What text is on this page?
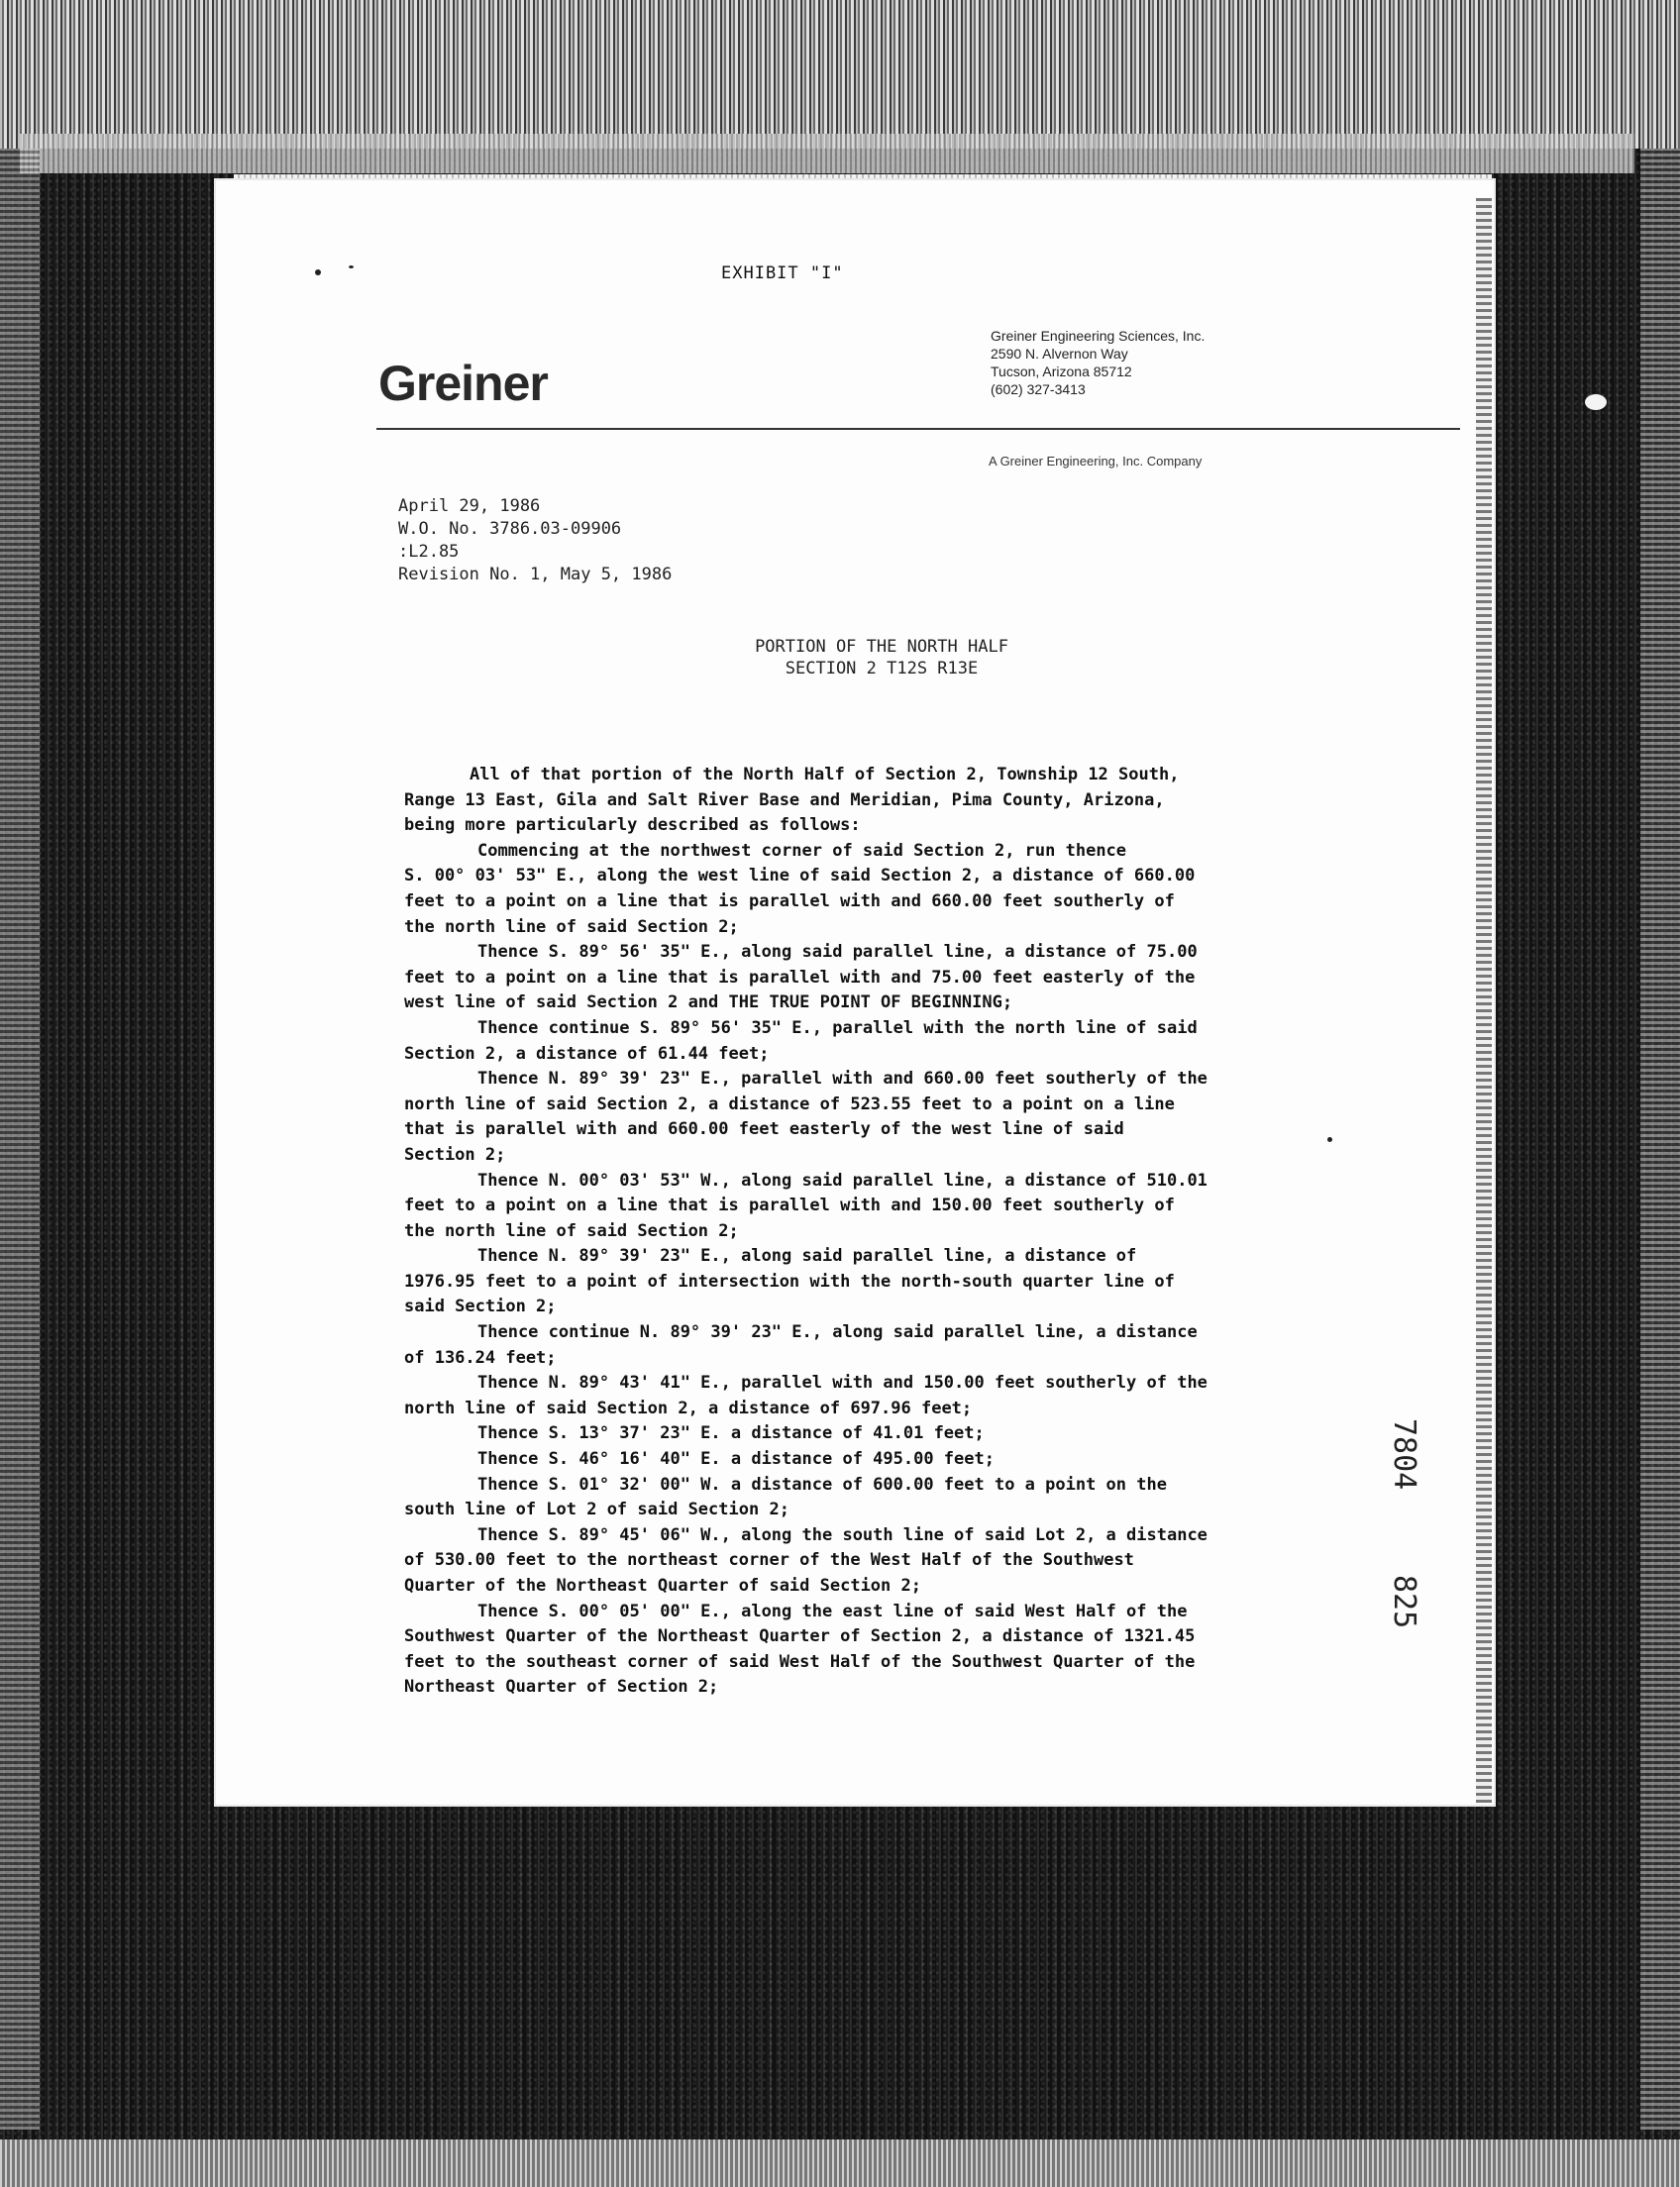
EXHIBIT "I"
Greiner
Greiner Engineering Sciences, Inc.
2590 N. Alvernon Way
Tucson, Arizona 85712
(602) 327-3413
A Greiner Engineering, Inc. Company
April 29, 1986
W.O. No. 3786.03-09906
:L2.85
Revision No. 1, May 5, 1986
PORTION OF THE NORTH HALF
SECTION 2 T12S R13E
All of that portion of the North Half of Section 2, Township 12 South,
Range 13 East, Gila and Salt River Base and Meridian, Pima County, Arizona,
being more particularly described as follows:
Commencing at the northwest corner of said Section 2, run thence
S. 00° 03' 53" E., along the west line of said Section 2, a distance of 660.00
feet to a point on a line that is parallel with and 660.00 feet southerly of
the north line of said Section 2;
Thence S. 89° 56' 35" E., along said parallel line, a distance of 75.00
feet to a point on a line that is parallel with and 75.00 feet easterly of the
west line of said Section 2 and THE TRUE POINT OF BEGINNING;
Thence continue S. 89° 56' 35" E., parallel with the north line of said
Section 2, a distance of 61.44 feet;
Thence N. 89° 39' 23" E., parallel with and 660.00 feet southerly of the
north line of said Section 2, a distance of 523.55 feet to a point on a line
that is parallel with and 660.00 feet easterly of the west line of said
Section 2;
Thence N. 00° 03' 53" W., along said parallel line, a distance of 510.01
feet to a point on a line that is parallel with and 150.00 feet southerly of
the north line of said Section 2;
Thence N. 89° 39' 23" E., along said parallel line, a distance of
1976.95 feet to a point of intersection with the north-south quarter line of
said Section 2;
Thence continue N. 89° 39' 23" E., along said parallel line, a distance
of 136.24 feet;
Thence N. 89° 43' 41" E., parallel with and 150.00 feet southerly of the
north line of said Section 2, a distance of 697.96 feet;
Thence S. 13° 37' 23" E. a distance of 41.01 feet;
Thence S. 46° 16' 40" E. a distance of 495.00 feet;
Thence S. 01° 32' 00" W. a distance of 600.00 feet to a point on the
south line of Lot 2 of said Section 2;
Thence S. 89° 45' 06" W., along the south line of said Lot 2, a distance
of 530.00 feet to the northeast corner of the West Half of the Southwest
Quarter of the Northeast Quarter of said Section 2;
Thence S. 00° 05' 00" E., along the east line of said West Half of the
Southwest Quarter of the Northeast Quarter of Section 2, a distance of 1321.45
feet to the southeast corner of said West Half of the Southwest Quarter of the
Northeast Quarter of Section 2;
7804
825
